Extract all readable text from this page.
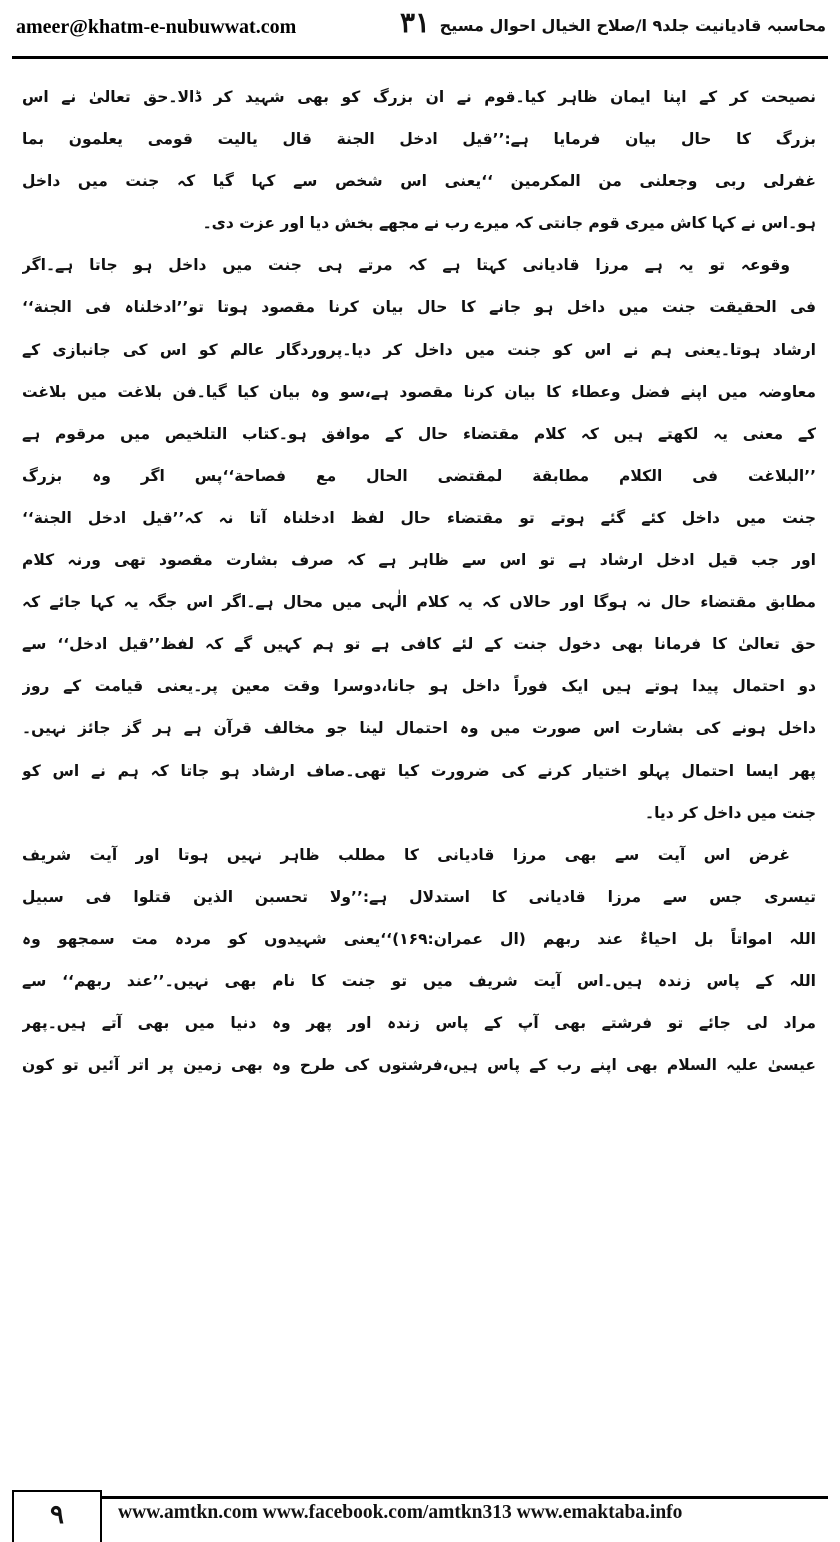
ameer@khatm-e-nubuwwat.com	۳۱ محاسبہ قادیانیت جلد۹ ا/صلاح الخیال احوال مسیح
نصیحت کر کے اپنا ایمان ظاہر کیا۔قوم نے ان بزرگ کو بھی شہید کر ڈالا۔حق تعالیٰ نے اس
بزرگ کا حال بیان فرمایا ہے:’’قیل ادخل الجنة قال یالیت قومی یعلمون بما
غفرلی ربی وجعلنی من المکرمین ‘‘یعنی اس شخص سے کہا گیا کہ جنت میں داخل
ہو۔اس نے کہا کاش میری قوم جانتی کہ میرے رب نے مجھے بخش دیا اور عزت دی۔
وقوعہ تو یہ ہے مرزا قادیانی کہتا ہے کہ مرتے ہی جنت میں داخل ہو جاتا ہے۔اگر
فی الحقیقت جنت میں داخل ہو جانے کا حال بیان کرنا مقصود ہوتا تو’’ادخلناہ فی الجنة‘‘
ارشاد ہوتا۔یعنی ہم نے اس کو جنت میں داخل کر دیا۔پروردگار عالم کو اس کی جانبازی کے
معاوضہ میں اپنے فضل وعطاء کا بیان کرنا مقصود ہے،سو وہ بیان کیا گیا۔فن بلاغت میں بلاغت
کے معنی یہ لکھتے ہیں کہ کلام مقتضاء حال کے موافق ہو۔کتاب التلخیص میں مرقوم ہے
’’البلاغت فی الکلام مطابقة لمقتضی الحال مع فصاحة‘‘پس اگر وہ بزرگ
جنت میں داخل کئے گئے ہوتے تو مقتضاء حال لفظ ادخلناہ آتا نہ کہ’’قیل ادخل الجنة‘‘
اور جب قیل ادخل ارشاد ہے تو اس سے ظاہر ہے کہ صرف بشارت مقصود تھی ورنہ کلام
مطابق مقتضاء حال نہ ہوگا اور حالاں کہ یہ کلام الٰہی میں محال ہے۔اگر اس جگہ یہ کہا جائے کہ
حق تعالیٰ کا فرمانا بھی دخول جنت کے لئے کافی ہے تو ہم کہیں گے کہ لفظ’’قیل ادخل‘‘ سے
دو احتمال پیدا ہوتے ہیں ایک فوراً داخل ہو جانا،دوسرا وقت معین پر۔یعنی قیامت کے روز
داخل ہونے کی بشارت اس صورت میں وہ احتمال لینا جو مخالف قرآن ہے ہر گز جائز نہیں۔
پھر ایسا احتمال پہلو اختیار کرنے کی ضرورت کیا تھی۔صاف ارشاد ہو جاتا کہ ہم نے اس کو
جنت میں داخل کر دیا۔
غرض اس آیت سے بھی مرزا قادیانی کا مطلب ظاہر نہیں ہوتا اور آیت شریف
تیسری جس سے مرزا قادیانی کا استدلال ہے:’’ولا تحسبن الذین قتلوا فی سبیل
اللہ امواتاً بل احیاءٌ عند ربھم (ال عمران:۱۶۹)‘‘یعنی شہیدوں کو مردہ مت سمجھو وہ
اللہ کے پاس زندہ ہیں۔اس آیت شریف میں تو جنت کا نام بھی نہیں۔’’عند ربھم‘‘ سے
مراد لی جائے تو فرشتے بھی آپ کے پاس زندہ اور پھر وہ دنیا میں بھی آتے ہیں۔پھر
عیسیٰ علیہ السلام بھی اپنے رب کے پاس ہیں،فرشتوں کی طرح وہ بھی زمین پر اتر آئیں تو کون
۹	www.amtkn.com www.facebook.com/amtkn313 www.emaktaba.info
